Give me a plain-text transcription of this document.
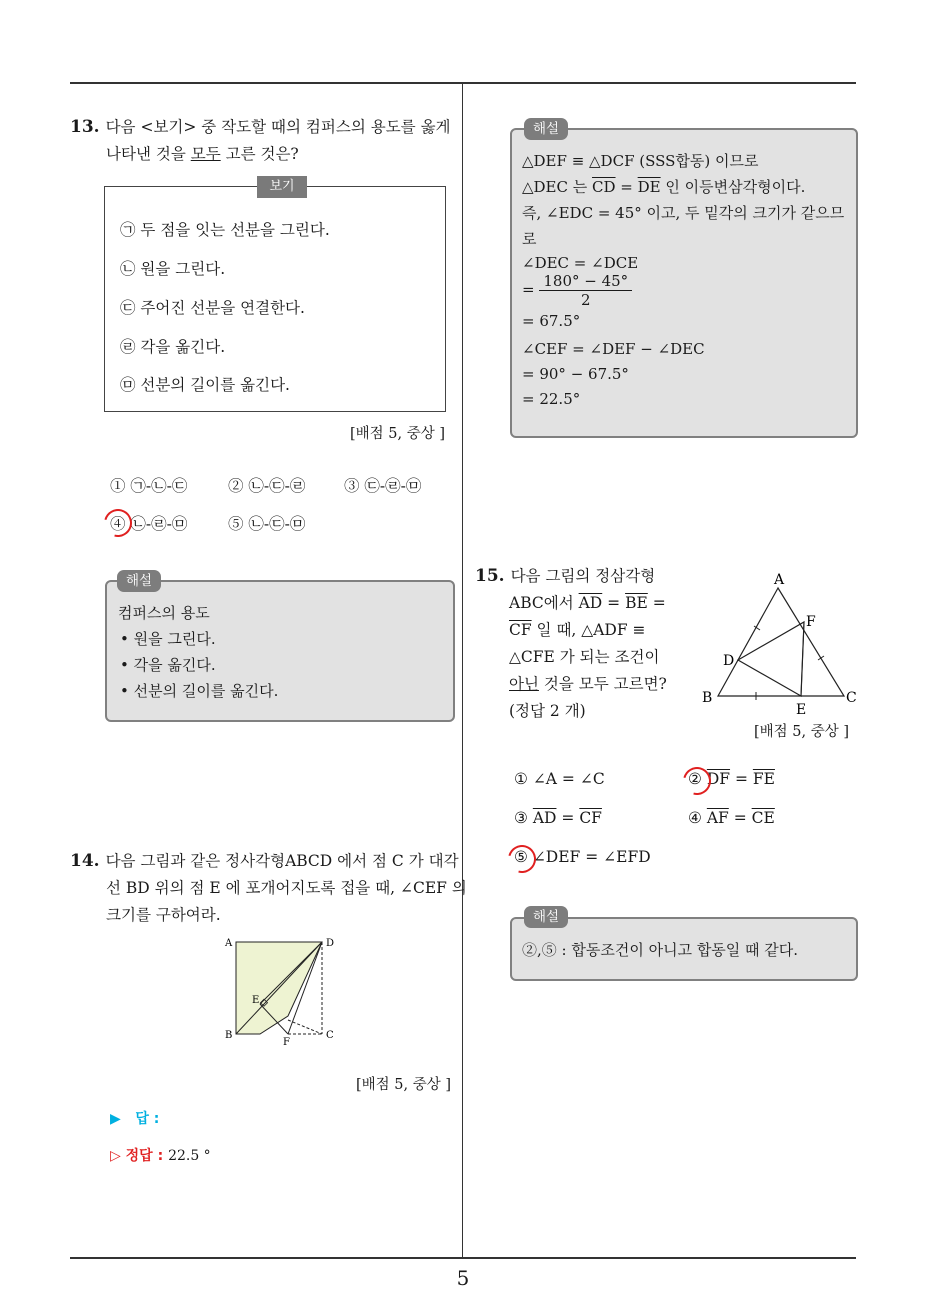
13. 다음 <보기> 중 작도할 때의 컴퍼스의 용도를 옳게
나타낸 것을 모두 고른 것은?
보기
㉠ 두 점을 잇는 선분을 그린다.
㉡ 원을 그린다.
㉢ 주어진 선분을 연결한다.
㉣ 각을 옮긴다.
㉤ 선분의 길이를 옮긴다.
[배점 5, 중상 ]
① ㉠-㉡-㉢	② ㉡-㉢-㉣ ③ ㉢-㉣-㉤
④ ㉡-㉣-㉤	⑤ ㉡-㉢-㉤
해설
컴퍼스의 용도
• 원을 그린다.
• 각을 옮긴다.
• 선분의 길이를 옮긴다.
14. 다음 그림과 같은 정사각형ABCD 에서 점 C 가 대각
선 BD 위의 점 E 에 포개어지도록 접을 때, ∠CEF 의
크기를 구하여라.
A	D
B	C
E
F
[배점 5, 중상 ]
▶ 답 :
▷ 정답 : 22.5 °
해설
△DEF ≡ △DCF (SSS합동) 이므로
△DEC 는 $\overline{CD} = \overline{DE}$ 인 이등변삼각형이다.
즉, ∠EDC = 45° 이고, 두 밑각의 크기가 같으므
로
∠DEC = ∠DCE
= $\frac{180^\circ - 45^\circ}{2}$
= 67.5°
∠CEF = ∠DEF − ∠DEC
= 90° − 67.5°
= 22.5°
15. 다음 그림의 정삼각형
ABC에서 $\overline{AD} = \overline{BE}$ =
$\overline{CF}$ 일 때, △ADF ≡
△CFE 가 되는 조건이
아닌 것을 모두 고르면?
(정답 2 개)
A
B	C
D
E
F
[배점 5, 중상 ]
① ∠A = ∠C	② $\overline{DF} = \overline{FE}$
③ $\overline{AD} = \overline{CF}$	④ $\overline{AF} = \overline{CE}$
⑤ ∠DEF = ∠EFD
해설
②,⑤ : 합동조건이 아니고 합동일 때 같다.
5
